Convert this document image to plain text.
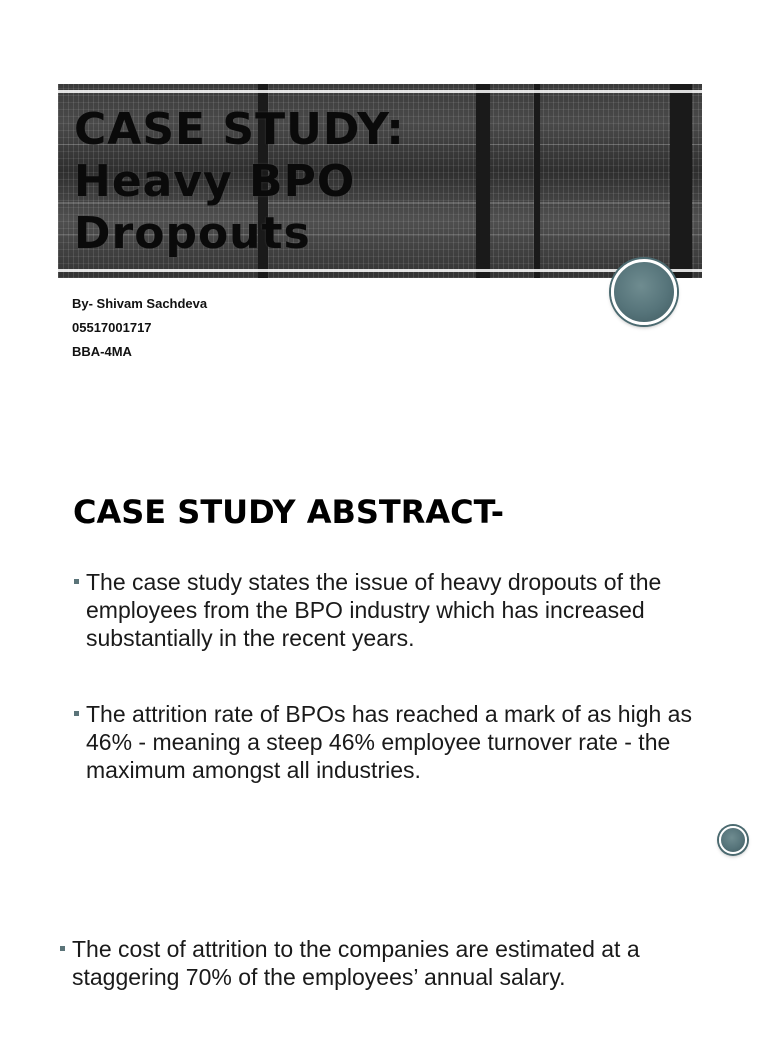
CASE STUDY:
Heavy BPO
Dropouts
By- Shivam Sachdeva
05517001717
BBA-4MA
CASE STUDY ABSTRACT-
The case study states the issue of heavy dropouts of the employees from the BPO industry which has increased substantially in the recent years.
The attrition rate of BPOs has reached a mark of as high as 46% - meaning a steep 46% employee turnover rate - the maximum amongst all industries.
The cost of attrition to the companies are estimated at a staggering 70% of the employees’ annual salary.
